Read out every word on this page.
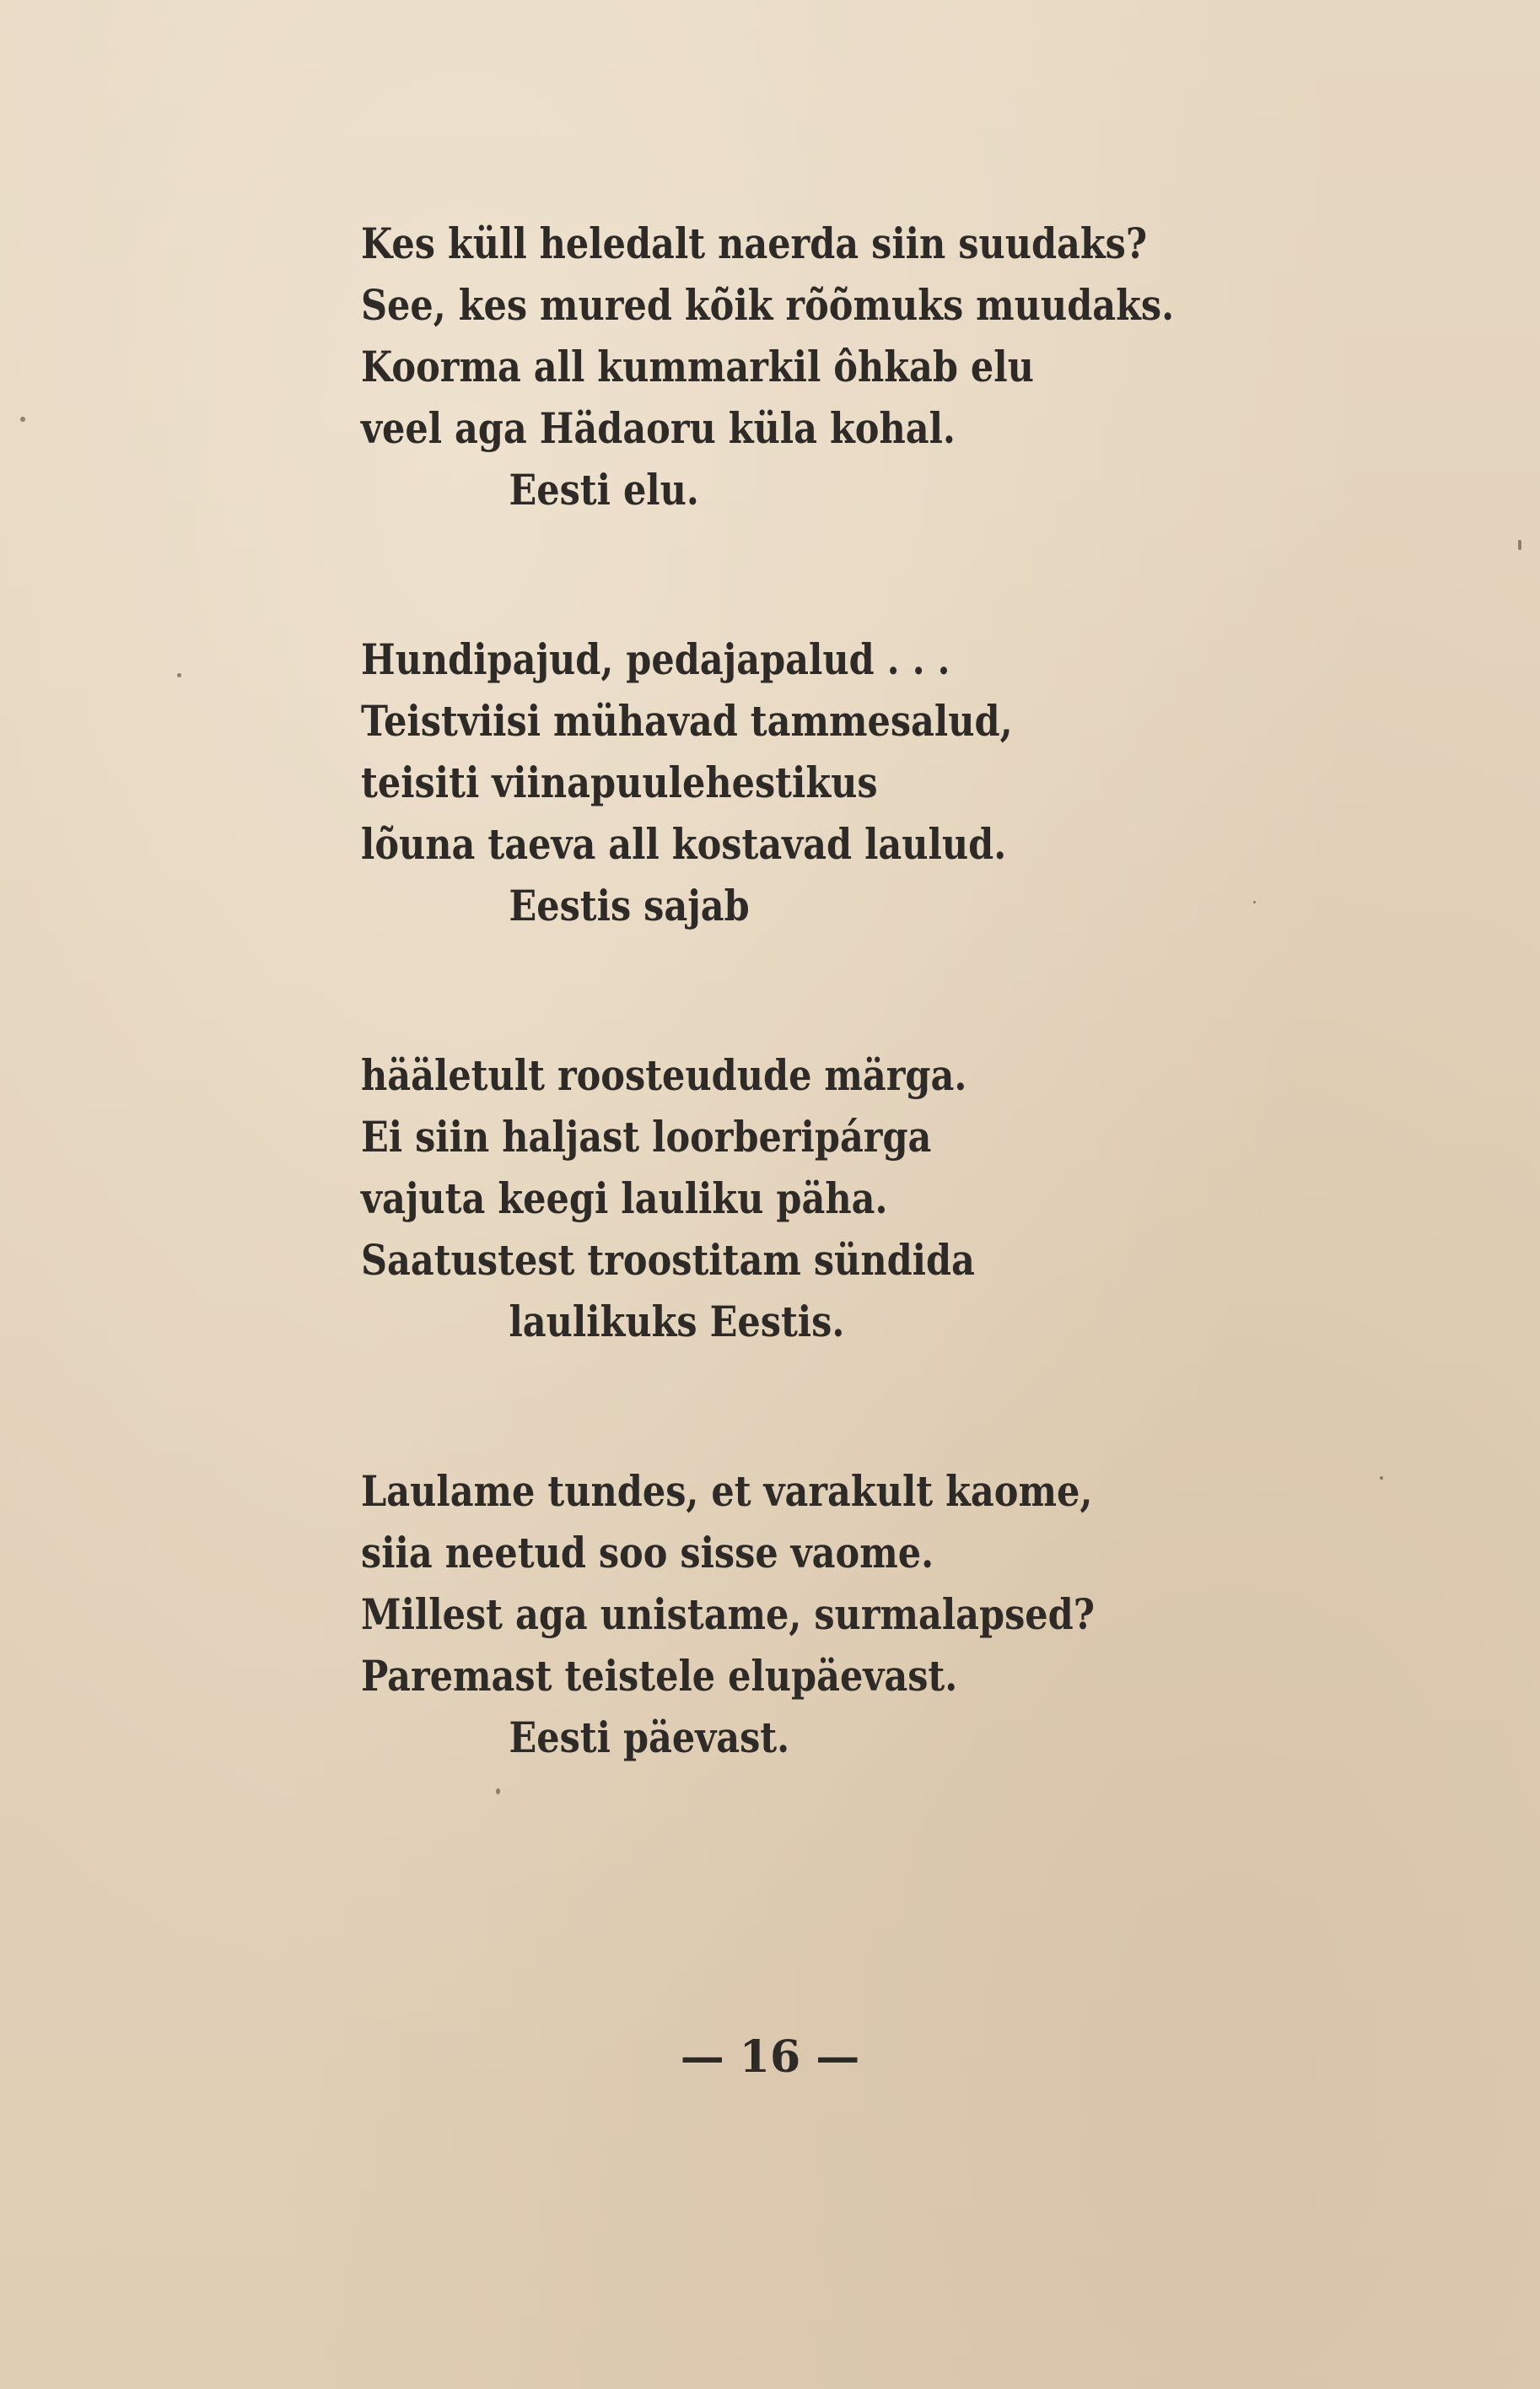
Kes küll heledalt naerda siin suudaks?
See, kes mured kõik rõõmuks muudaks.
Koorma all kummarkil ôhkab elu
veel aga Hädaoru küla kohal.
Eesti elu.
Hundipajud, pedajapalud . . .
Teistviisi mühavad tammesalud,
teisiti viinapuulehestikus
lõuna taeva all kostavad laulud.
Eestis sajab
hääletult roosteudude märga.
Ei siin haljast loorberipárga
vajuta keegi lauliku päha.
Saatustest troostitam sündida
laulikuks Eestis.
Laulame tundes, et varakult kaome,
siia neetud soo sisse vaome.
Millest aga unistame, surmalapsed?
Paremast teistele elupäevast.
Eesti päevast.
— 16 —
